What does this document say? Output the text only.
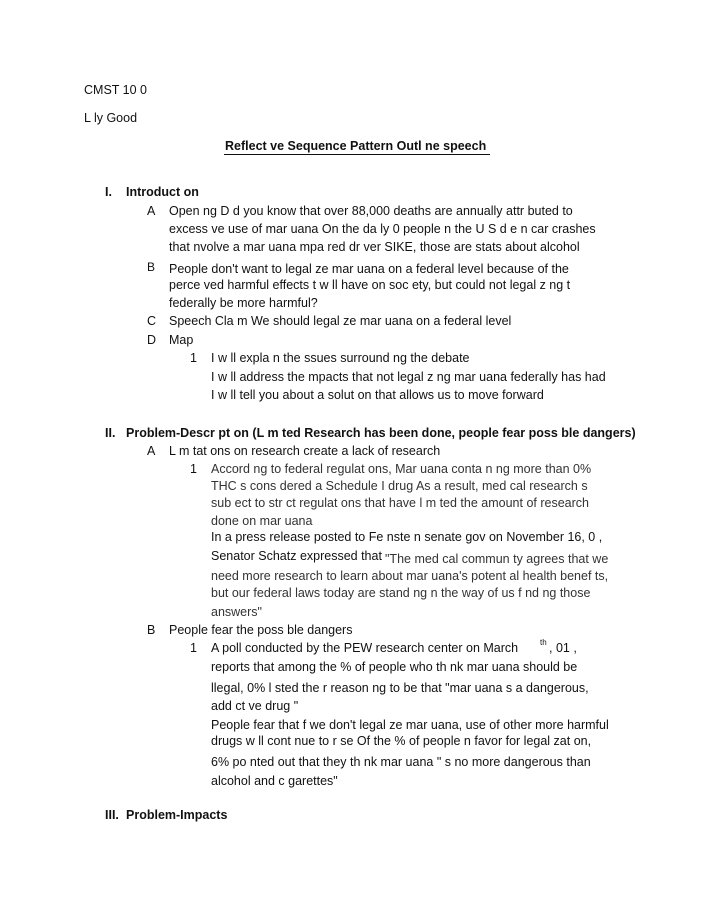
CMST 10 0
L ly Good
Reflect ve Sequence Pattern Outl ne speech
I. Introduct on
A Open ng D d you know that over 88,000 deaths are annually attr buted to
excess ve use of mar uana On the da ly 0 people n the U S d e n car crashes
that nvolve a mar uana mpa red dr ver SIKE, those are stats about alcohol
B People don't want to legal ze mar uana on a federal level because of the
perce ved harmful effects t w ll have on soc ety, but could not legal z ng t
federally be more harmful?
C Speech Cla m We should legal ze mar uana on a federal level
D Map
1 I w ll expla n the ssues surround ng the debate
I w ll address the mpacts that not legal z ng mar uana federally has had
I w ll tell you about a solut on that allows us to move forward
II. Problem-Descr pt on (L m ted Research has been done, people fear poss ble dangers)
A L m tat ons on research create a lack of research
1 Accord ng to federal regulat ons, Mar uana conta n ng more than 0%
THC s cons dered a Schedule I drug As a result, med cal research s
sub ect to str ct regulat ons that have l m ted the amount of research
done on mar uana
In a press release posted to Fe nste n senate gov on November 16, 0 ,
Senator Schatz expressed that "The med cal commun ty agrees that we
need more research to learn about mar uana's potent al health benef ts,
but our federal laws today are stand ng n the way of us f nd ng those
answers"
B People fear the poss ble dangers
1 A poll conducted by the PEW research center on March	th , 01 ,
reports that among the % of people who th nk mar uana should be
llegal, 0% l sted the r reason ng to be that "mar uana s a dangerous,
add ct ve drug "
People fear that f we don't legal ze mar uana, use of other more harmful
drugs w ll cont nue to r se Of the % of people n favor for legal zat on,
6% po nted out that they th nk mar uana " s no more dangerous than
alcohol and c garettes"
III. Problem-Impacts
